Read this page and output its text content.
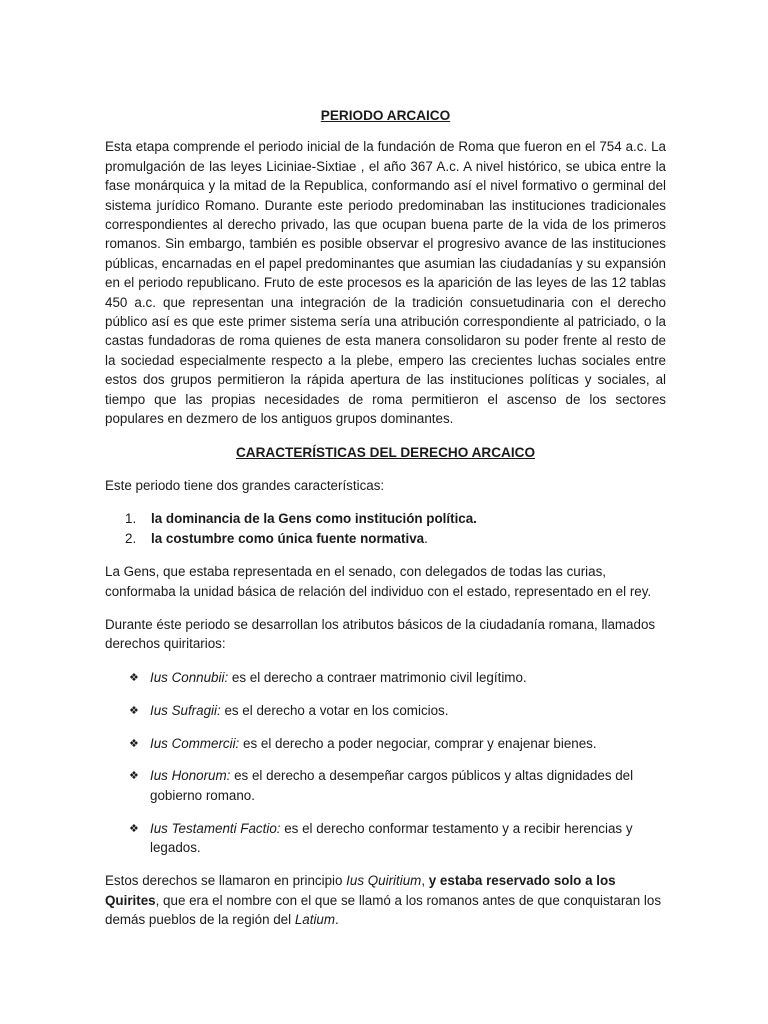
PERIODO ARCAICO

Esta etapa comprende el periodo inicial de la fundación de Roma que fueron en el 754 a.c. La promulgación de las leyes Liciniae-Sixtiae , el año 367 A.c. A nivel histórico, se ubica entre la fase monárquica y la mitad de la Republica, conformando así el nivel formativo o germinal del sistema jurídico Romano. Durante este periodo predominaban las instituciones tradicionales correspondientes al derecho privado, las que ocupan buena parte de la vida de los primeros romanos. Sin embargo, también es posible observar el progresivo avance de las instituciones públicas, encarnadas en el papel predominantes que asumian las ciudadanías y su expansión en el periodo republicano. Fruto de este procesos es la aparición de las leyes de las 12 tablas 450 a.c. que representan una integración de la tradición consuetudinaria con el derecho público así es que este primer sistema sería una atribución correspondiente al patriciado, o la castas fundadoras de roma quienes de esta manera consolidaron su poder frente al resto de la sociedad especialmente respecto a la plebe, empero las crecientes luchas sociales entre estos dos grupos permitieron la rápida apertura de las instituciones políticas y sociales, al tiempo que las propias necesidades de roma permitieron el ascenso de los sectores populares en dezmero de los antiguos grupos dominantes.

CARACTERÍSTICAS DEL DERECHO ARCAICO

Este periodo tiene dos grandes características:

1. la dominancia de la Gens como institución política.
2. la costumbre como única fuente normativa.

La Gens, que estaba representada en el senado, con delegados de todas las curias, conformaba la unidad básica de relación del individuo con el estado, representado en el rey.

Durante éste periodo se desarrollan los atributos básicos de la ciudadanía romana, llamados derechos quiritarios:

❖ Ius Connubii: es el derecho a contraer matrimonio civil legítimo.
❖ Ius Sufragii: es el derecho a votar en los comicios.
❖ Ius Commercii: es el derecho a poder negociar, comprar y enajenar bienes.
❖ Ius Honorum: es el derecho a desempeñar cargos públicos y altas dignidades del gobierno romano.
❖ Ius Testamenti Factio: es el derecho conformar testamento y a recibir herencias y legados.

Estos derechos se llamaron en principio Ius Quiritium, y estaba reservado solo a los Quirites, que era el nombre con el que se llamó a los romanos antes de que conquistaran los demás pueblos de la región del Latium.
